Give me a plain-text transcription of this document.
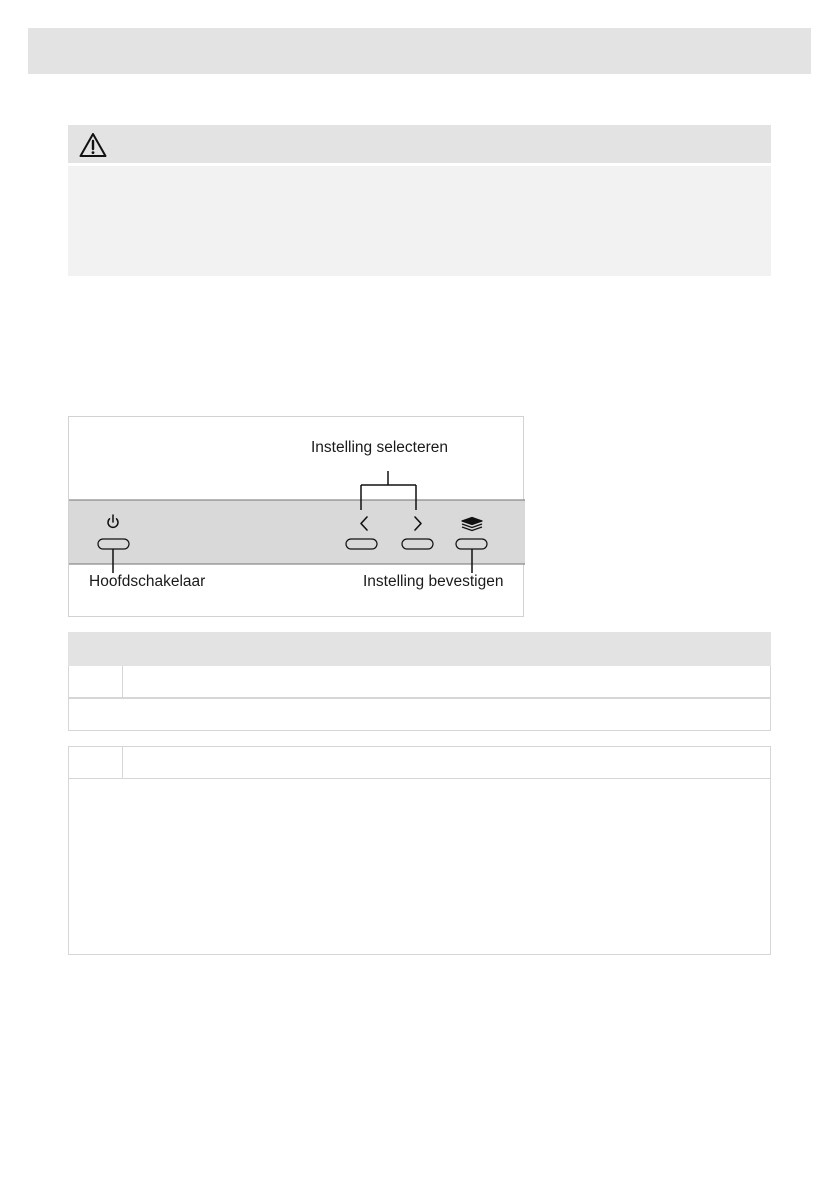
Instelling selecteren
Hoofdschakelaar	Instelling bevestigen
